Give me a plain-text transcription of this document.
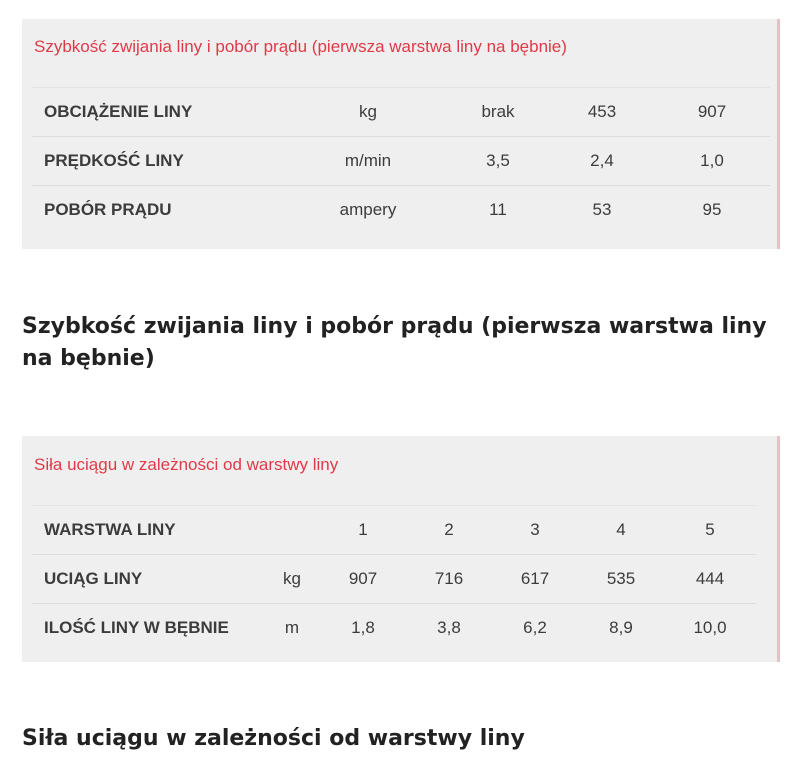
Szybkość zwijania liny i pobór prądu (pierwsza warstwa liny na bębnie)
OBCIĄŻENIE LINY	kg	brak	453	907
PRĘDKOŚĆ LINY	m/min	3,5	2,4	1,0
POBÓR PRĄDU	ampery	11	53	95
Szybkość zwijania liny i pobór prądu (pierwsza warstwa liny na bębnie)
Siła uciągu w zależności od warstwy liny
WARSTWA LINY		1	2	3	4	5
UCIĄG LINY	kg	907	716	617	535	444
ILOŚĆ LINY W BĘBNIE	m	1,8	3,8	6,2	8,9	10,0
Siła uciągu w zależności od warstwy liny
